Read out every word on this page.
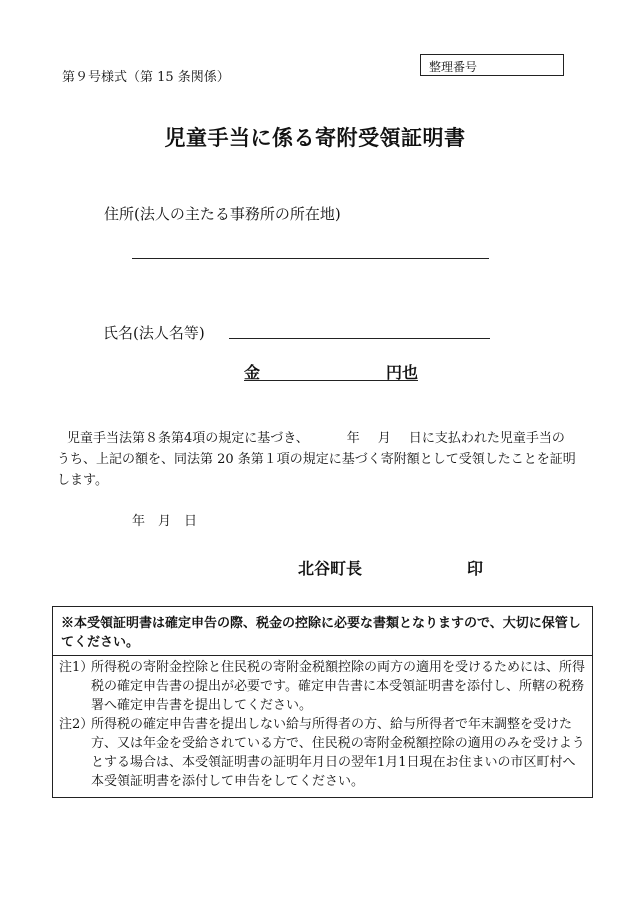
第９号様式（第 15 条関係）
整理番号
児童手当に係る寄附受領証明書
住所(法人の主たる事務所の所在地)
氏名(法人名等)
金	円也
児童手当法第８条第4項の規定に基づき、	年 月 日に支払われた児童手当のうち、上記の額を、同法第 20 条第１項の規定に基づく寄附額として受領したことを証明します。
年 月 日
北谷町長	印
※本受領証明書は確定申告の際、税金の控除に必要な書類となりますので、大切に保管してください。
注1）
所得税の寄附金控除と住民税の寄附金税額控除の両方の適用を受けるためには、所得税の確定申告書の提出が必要です。確定申告書に本受領証明書を添付し、所轄の税務署へ確定申告書を提出してください。
注2）
所得税の確定申告書を提出しない給与所得者の方、給与所得者で年末調整を受けた方、又は年金を受給されている方で、住民税の寄附金税額控除の適用のみを受けようとする場合は、本受領証明書の証明年月日の翌年1月1日現在お住まいの市区町村へ本受領証明書を添付して申告をしてください。
